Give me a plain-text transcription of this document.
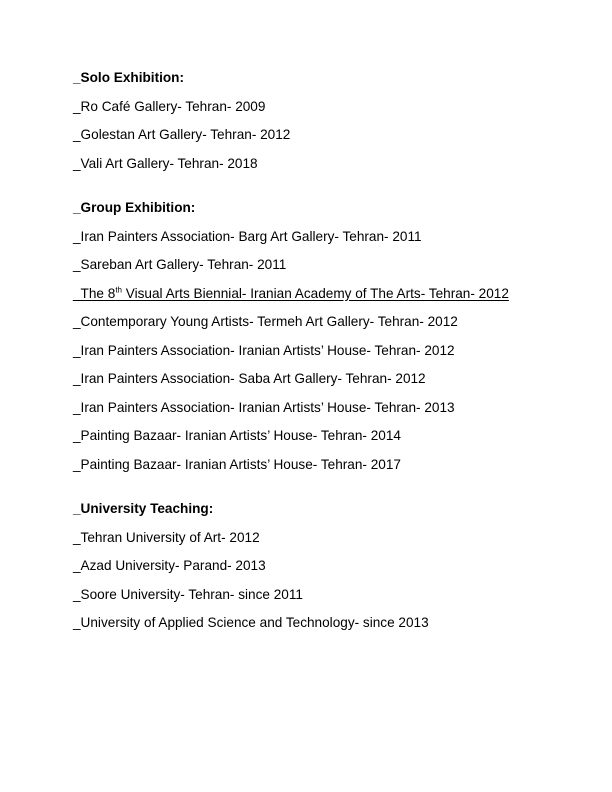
_Solo Exhibition:
_Ro Café Gallery- Tehran- 2009
_Golestan Art Gallery- Tehran- 2012
_Vali Art Gallery- Tehran- 2018
_Group Exhibition:
_Iran Painters Association- Barg Art Gallery- Tehran- 2011
_Sareban Art Gallery- Tehran- 2011
_The 8th Visual Arts Biennial- Iranian Academy of The Arts- Tehran- 2012
_Contemporary Young Artists- Termeh Art Gallery- Tehran- 2012
_Iran Painters Association- Iranian Artists’ House- Tehran- 2012
_Iran Painters Association- Saba Art Gallery- Tehran- 2012
_Iran Painters Association- Iranian Artists’ House- Tehran- 2013
_Painting Bazaar- Iranian Artists’ House- Tehran- 2014
_Painting Bazaar- Iranian Artists’ House- Tehran- 2017
_University Teaching:
_Tehran University of Art- 2012
_Azad University- Parand- 2013
_Soore University- Tehran- since 2011
_University of Applied Science and Technology- since 2013
